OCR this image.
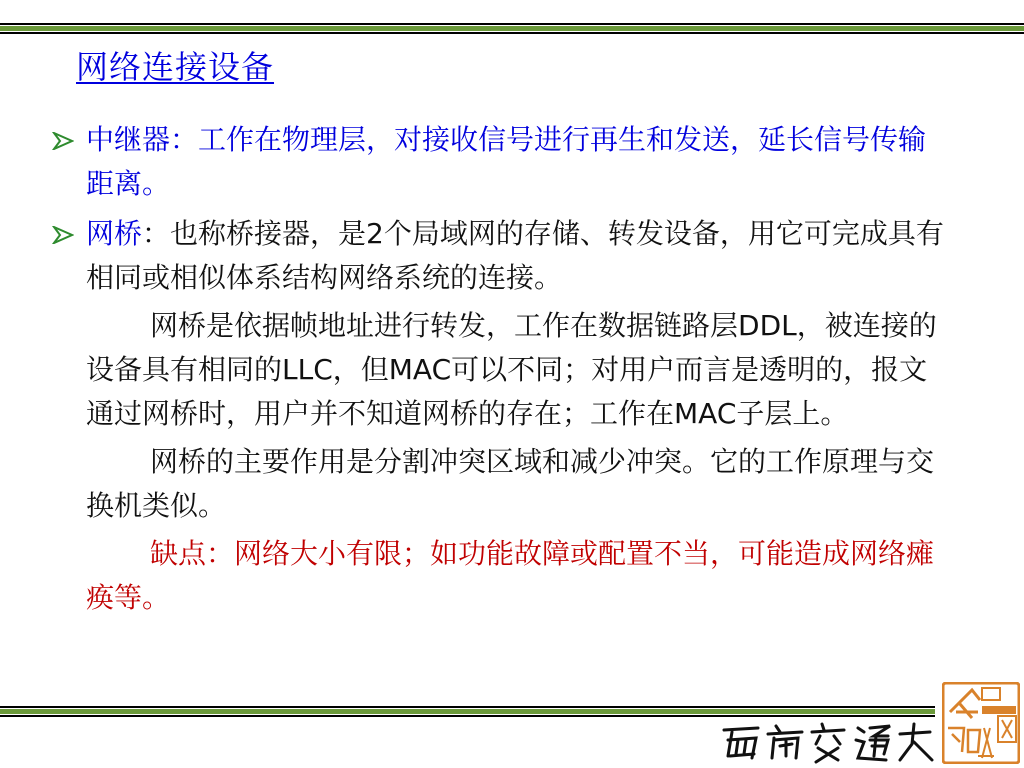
网络连接设备
中继器：工作在物理层，对接收信号进行再生和发送，延长信号传输距离。
网桥：也称桥接器，是2个局域网的存储、转发设备，用它可完成具有相同或相似体系结构网络系统的连接。
网桥是依据帧地址进行转发，工作在数据链路层DDL，被连接的设备具有相同的LLC，但MAC可以不同；对用户而言是透明的，报文通过网桥时，用户并不知道网桥的存在；工作在MAC子层上。
网桥的主要作用是分割冲突区域和减少冲突。它的工作原理与交换机类似。
缺点：网络大小有限；如功能故障或配置不当，可能造成网络瘫痪等。
